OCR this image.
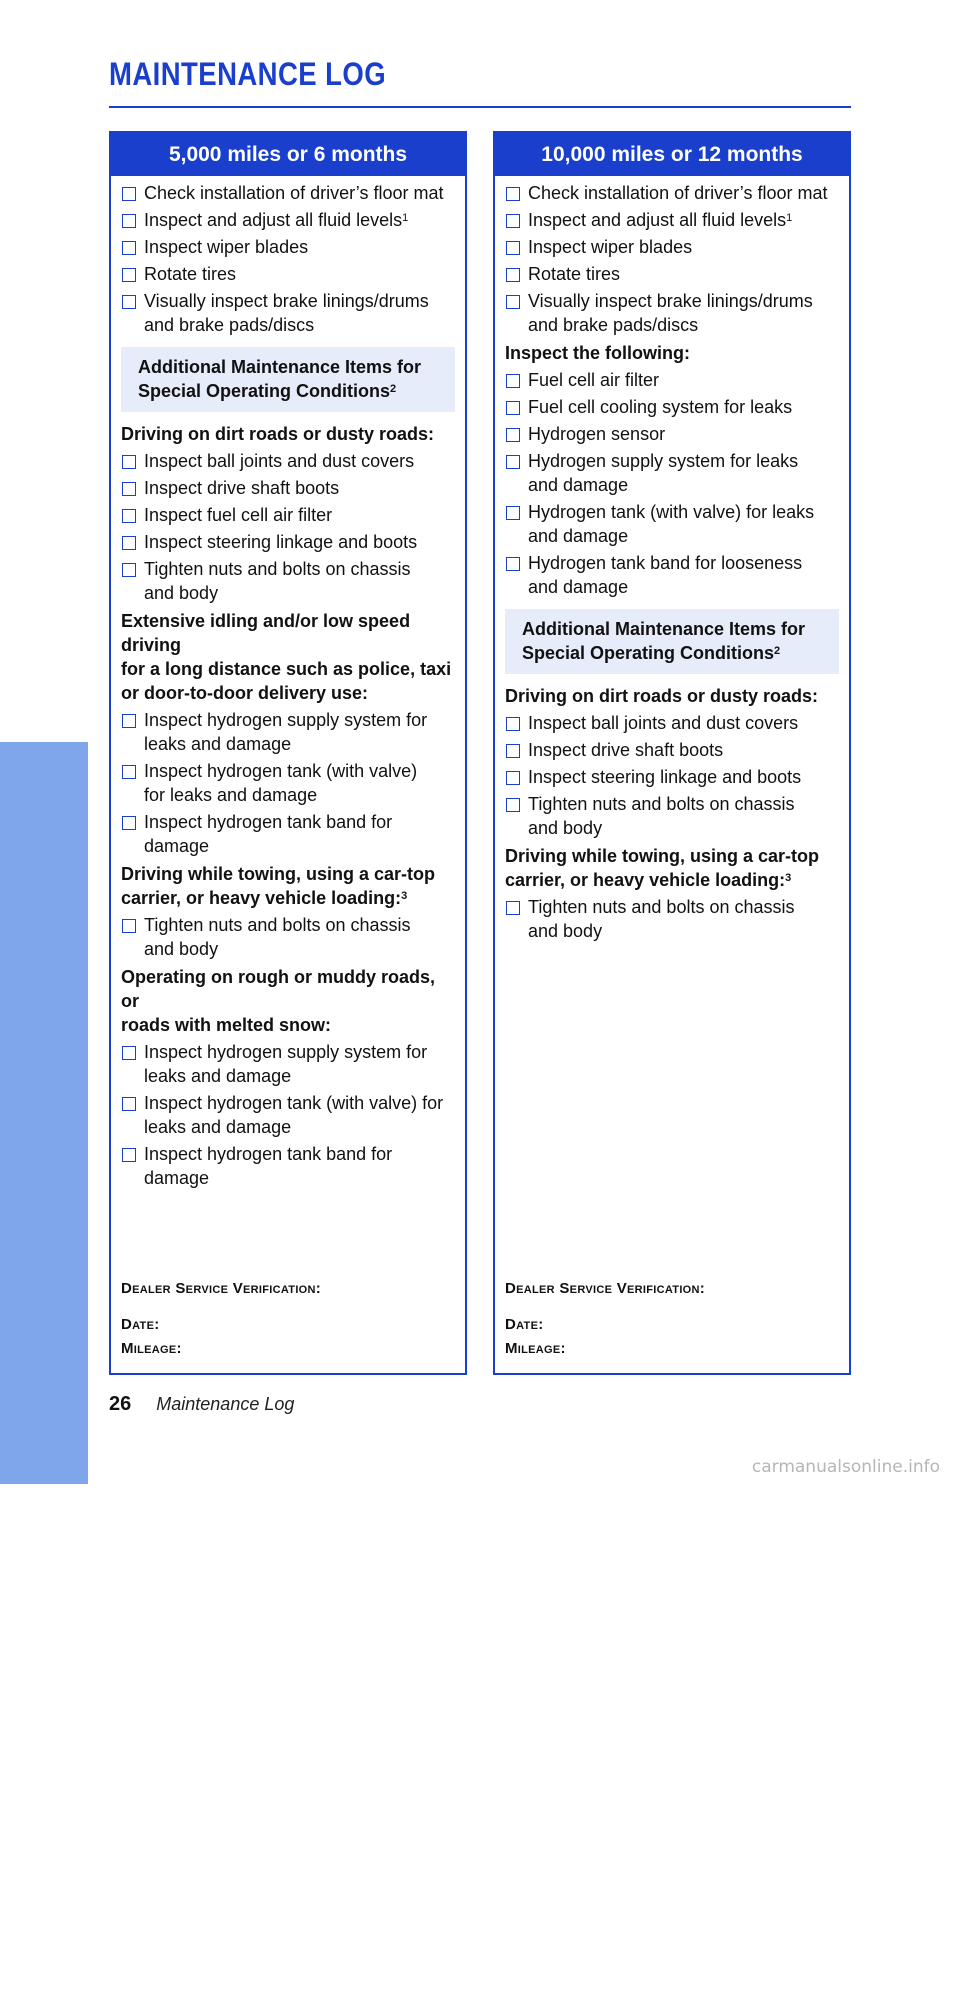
MAINTENANCE LOG
MAINTENANCE
5,000 miles or 6 months
Check installation of driver’s floor mat
Inspect and adjust all fluid levels$^1$
Inspect wiper blades
Rotate tires
Visually inspect brake linings/drums
and brake pads/discs
Additional Maintenance Items for
Special Operating Conditions$^2$
Driving on dirt roads or dusty roads:
Inspect ball joints and dust covers
Inspect drive shaft boots
Inspect fuel cell air filter
Inspect steering linkage and boots
Tighten nuts and bolts on chassis
and body
Extensive idling and/or low speed driving
for a long distance such as police, taxi
or door-to-door delivery use:
Inspect hydrogen supply system for
leaks and damage
Inspect hydrogen tank (with valve)
for leaks and damage
Inspect hydrogen tank band for damage
Driving while towing, using a car-top
carrier, or heavy vehicle loading:$^3$
Tighten nuts and bolts on chassis
and body
Operating on rough or muddy roads, or
roads with melted snow:
Inspect hydrogen supply system for
leaks and damage
Inspect hydrogen tank (with valve) for
leaks and damage
Inspect hydrogen tank band for damage
Dealer Service Verification:
Date:
Mileage:
10,000 miles or 12 months
Check installation of driver’s floor mat
Inspect and adjust all fluid levels$^1$
Inspect wiper blades
Rotate tires
Visually inspect brake linings/drums
and brake pads/discs
Inspect the following:
Fuel cell air filter
Fuel cell cooling system for leaks
Hydrogen sensor
Hydrogen supply system for leaks
and damage
Hydrogen tank (with valve) for leaks
and damage
Hydrogen tank band for looseness
and damage
Additional Maintenance Items for
Special Operating Conditions$^2$
Driving on dirt roads or dusty roads:
Inspect ball joints and dust covers
Inspect drive shaft boots
Inspect steering linkage and boots
Tighten nuts and bolts on chassis
and body
Driving while towing, using a car-top
carrier, or heavy vehicle loading:$^3$
Tighten nuts and bolts on chassis
and body
Dealer Service Verification:
Date:
Mileage:
26 Maintenance Log
carmanualsonline.info
